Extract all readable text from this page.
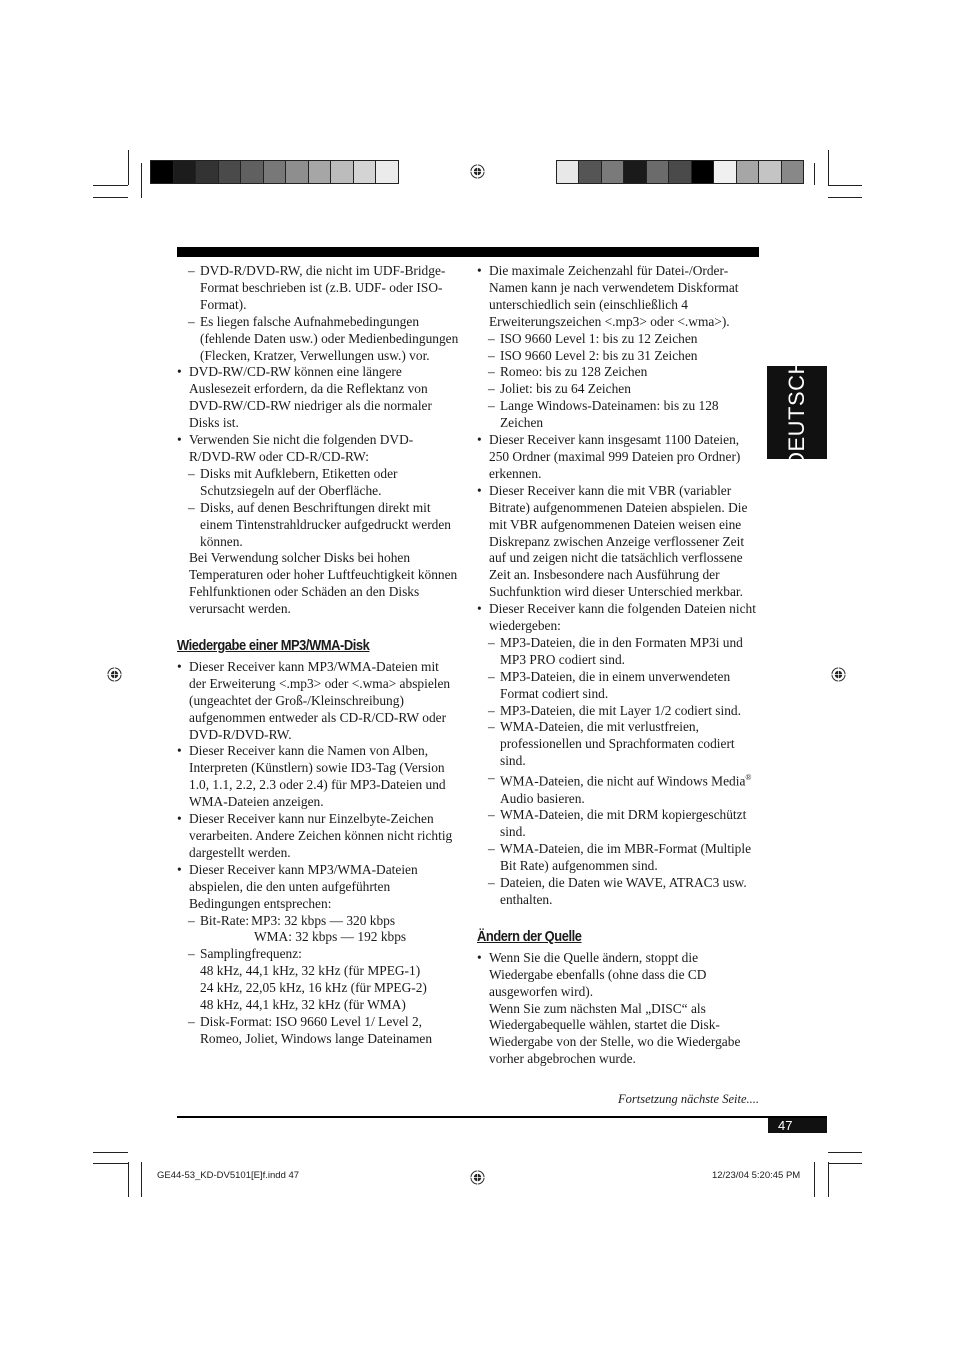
DEUTSCH

– DVD-R/DVD-RW, die nicht im UDF-Bridge-Format beschrieben ist (z.B. UDF- oder ISO-Format).

– Es liegen falsche Aufnahmebedingungen (fehlende Daten usw.) oder Medienbedingungen (Flecken, Kratzer, Verwellungen usw.) vor.

• DVD-RW/CD-RW können eine längere Auslesezeit erfordern, da die Reflektanz von DVD-RW/CD-RW niedriger als die normaler Disks ist.

• Verwenden Sie nicht die folgenden DVD-R/DVD-RW oder CD-R/CD-RW:

– Disks mit Aufklebern, Etiketten oder Schutzsiegeln auf der Oberfläche.

– Disks, auf denen Beschriftungen direkt mit einem Tintenstrahldrucker aufgedruckt werden können.

Bei Verwendung solcher Disks bei hohen Temperaturen oder hoher Luftfeuchtigkeit können Fehlfunktionen oder Schäden an den Disks verursacht werden.

Wiedergabe einer MP3/WMA-Disk

• Dieser Receiver kann MP3/WMA-Dateien mit der Erweiterung <.mp3> oder <.wma> abspielen (ungeachtet der Groß-/Kleinschreibung) aufgenommen entweder als CD-R/CD-RW oder DVD-R/DVD-RW.

• Dieser Receiver kann die Namen von Alben, Interpreten (Künstlern) sowie ID3-Tag (Version 1.0, 1.1, 2.2, 2.3 oder 2.4) für MP3-Dateien und WMA-Dateien anzeigen.

• Dieser Receiver kann nur Einzelbyte-Zeichen verarbeiten. Andere Zeichen können nicht richtig dargestellt werden.

• Dieser Receiver kann MP3/WMA-Dateien abspielen, die den unten aufgeführten Bedingungen entsprechen:

– Bit-Rate: MP3: 32 kbps — 320 kbps

WMA: 32 kbps — 192 kbps

– Samplingfrequenz:

48 kHz, 44,1 kHz, 32 kHz (für MPEG-1)

24 kHz, 22,05 kHz, 16 kHz (für MPEG-2)

48 kHz, 44,1 kHz, 32 kHz (für WMA)

– Disk-Format: ISO 9660 Level 1/ Level 2, Romeo, Joliet, Windows lange Dateinamen

• Die maximale Zeichenzahl für Datei-/Order-Namen kann je nach verwendetem Diskformat unterschiedlich sein (einschließlich 4 Erweiterungszeichen <.mp3> oder <.wma>).

– ISO 9660 Level 1: bis zu 12 Zeichen

– ISO 9660 Level 2: bis zu 31 Zeichen

– Romeo: bis zu 128 Zeichen

– Joliet: bis zu 64 Zeichen

– Lange Windows-Dateinamen: bis zu 128 Zeichen

• Dieser Receiver kann insgesamt 1100 Dateien, 250 Ordner (maximal 999 Dateien pro Ordner) erkennen.

• Dieser Receiver kann die mit VBR (variabler Bitrate) aufgenommenen Dateien abspielen. Die mit VBR aufgenommenen Dateien weisen eine Diskrepanz zwischen Anzeige verflossener Zeit auf und zeigen nicht die tatsächlich verflossene Zeit an. Insbesondere nach Ausführung der Suchfunktion wird dieser Unterschied merkbar.

• Dieser Receiver kann die folgenden Dateien nicht wiedergeben:

– MP3-Dateien, die in den Formaten MP3i und MP3 PRO codiert sind.

– MP3-Dateien, die in einem unverwendeten Format codiert sind.

– MP3-Dateien, die mit Layer 1/2 codiert sind.

– WMA-Dateien, die mit verlustfreien, professionellen und Sprachformaten codiert sind.

– WMA-Dateien, die nicht auf Windows Media® Audio basieren.

– WMA-Dateien, die mit DRM kopiergeschützt sind.

– WMA-Dateien, die im MBR-Format (Multiple Bit Rate) aufgenommen sind.

– Dateien, die Daten wie WAVE, ATRAC3 usw. enthalten.

Ändern der Quelle

• Wenn Sie die Quelle ändern, stoppt die Wiedergabe ebenfalls (ohne dass die CD ausgeworfen wird).

Wenn Sie zum nächsten Mal „DISC“ als Wiedergabequelle wählen, startet die Disk-Wiedergabe von der Stelle, wo die Wiedergabe vorher abgebrochen wurde.

Fortsetzung nächste Seite....
47
GE44-53_KD-DV5101[E]f.indd 47	12/23/04 5:20:45 PM
